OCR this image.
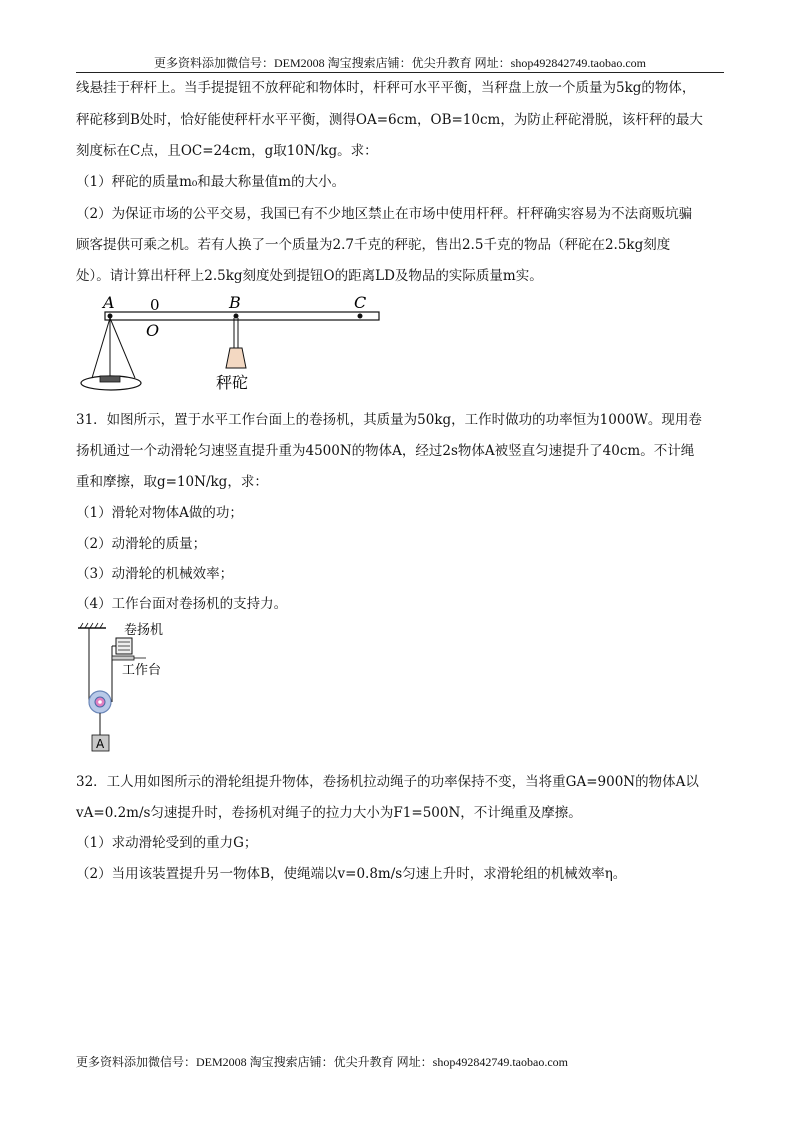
更多资料添加微信号：DEM2008 淘宝搜索店铺：优尖升教育 网址：shop492842749.taobao.com
线悬挂于秤杆上。当手提提钮不放秤砣和物体时，杆秤可水平平衡，当秤盘上放一个质量为5kg的物体，
秤砣移到B处时，恰好能使秤杆水平平衡，测得OA=6cm，OB=10cm，为防止秤砣滑脱，该杆秤的最大
刻度标在C点，且OC=24cm，g取10N/kg。求：
（1）秤砣的质量m₀和最大称量值m的大小。
（2）为保证市场的公平交易，我国已有不少地区禁止在市场中使用杆秤。杆秤确实容易为不法商贩坑骗
顾客提供可乘之机。若有人换了一个质量为2.7千克的秤驼，售出2.5千克的物品（秤砣在2.5kg刻度
处）。请计算出杆秤上2.5kg刻度处到提钮O的距离LD及物品的实际质量m实。
A 0
O
B	C
秤砣
31．如图所示，置于水平工作台面上的卷扬机，其质量为50kg，工作时做功的功率恒为1000W。现用卷
扬机通过一个动滑轮匀速竖直提升重为4500N的物体A，经过2s物体A被竖直匀速提升了40cm。不计绳
重和摩擦，取g=10N/kg，求：
（1）滑轮对物体A做的功；
（2）动滑轮的质量；
（3）动滑轮的机械效率；
（4）工作台面对卷扬机的支持力。
卷扬机
工作台
A
32．工人用如图所示的滑轮组提升物体，卷扬机拉动绳子的功率保持不变，当将重GA=900N的物体A以
vA=0.2m/s匀速提升时，卷扬机对绳子的拉力大小为F1=500N，不计绳重及摩擦。
（1）求动滑轮受到的重力G；
（2）当用该装置提升另一物体B，使绳端以v=0.8m/s匀速上升时，求滑轮组的机械效率η。
更多资料添加微信号：DEM2008 淘宝搜索店铺：优尖升教育 网址：shop492842749.taobao.com
